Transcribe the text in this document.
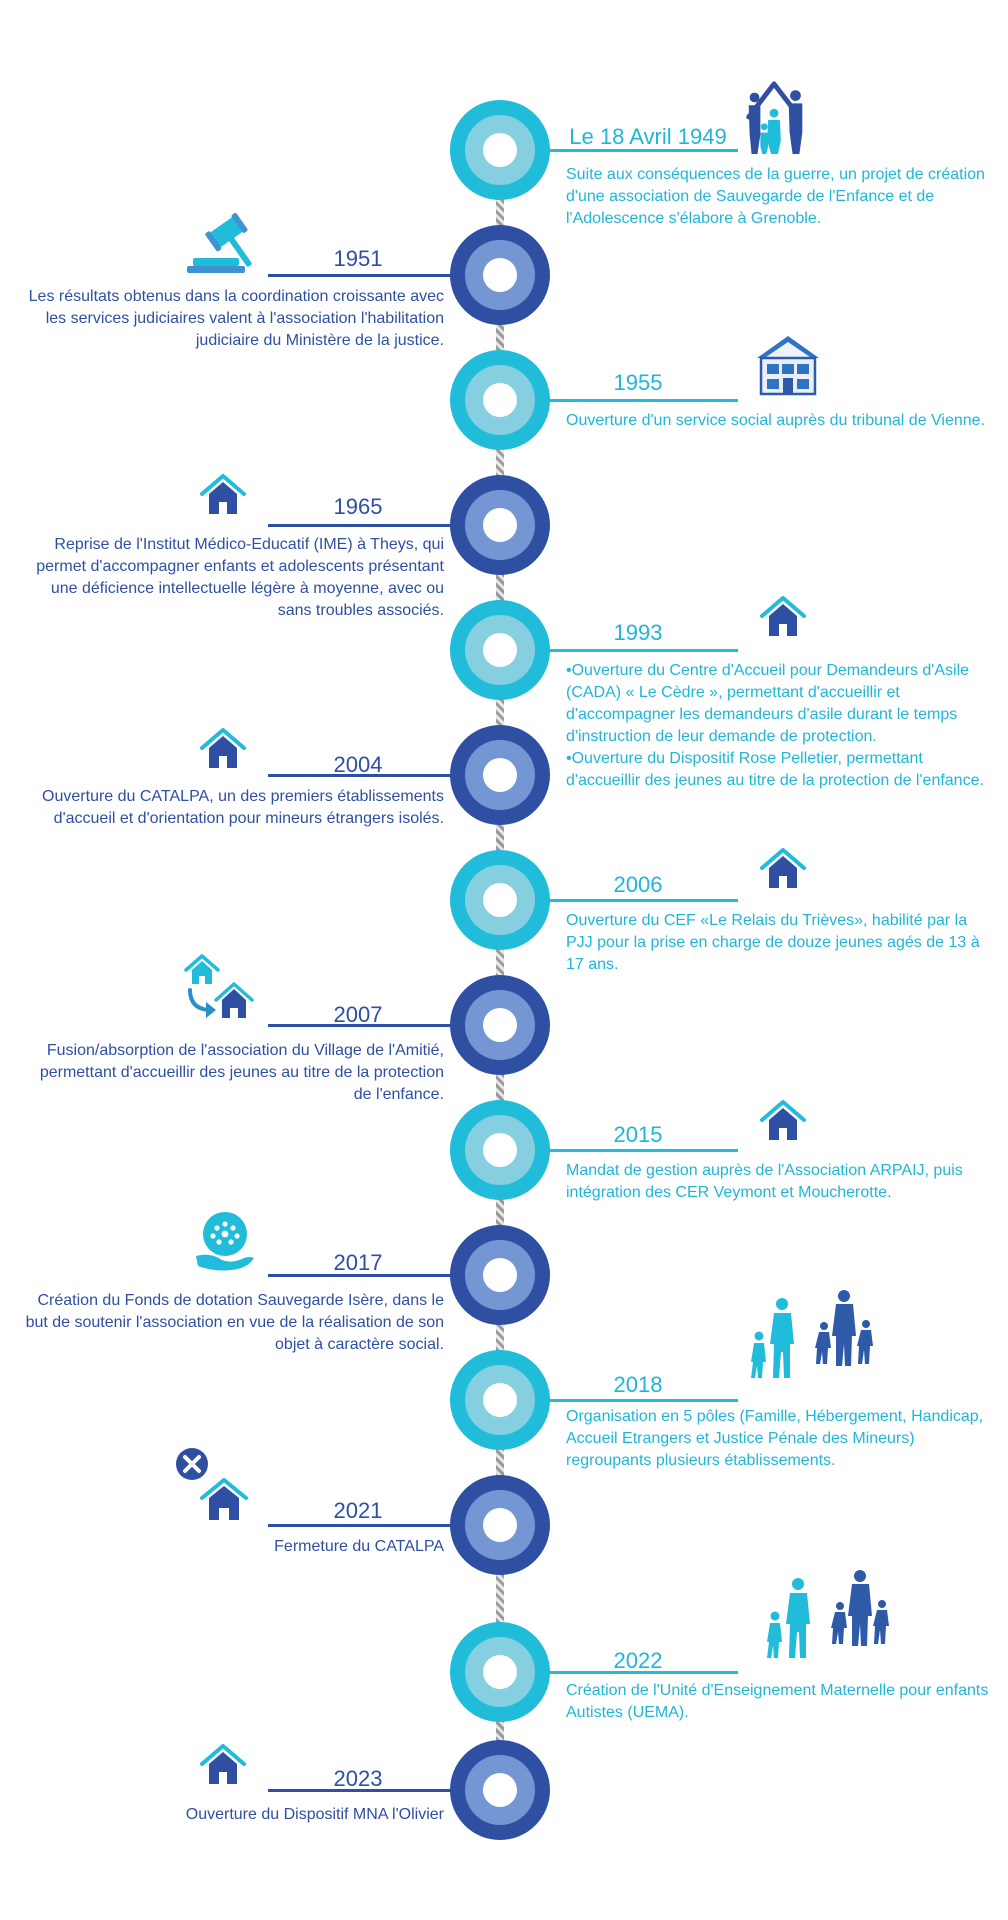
Le 18 Avril 1949

Suite aux conséquences de la guerre, un projet de création d'une association de Sauvegarde de l'Enfance et de l'Adolescence s'élabore à Grenoble.

1951

Les résultats obtenus dans la coordination croissante avec les services judiciaires valent à l'association l'habilitation judiciaire du Ministère de la justice.

1955

Ouverture d'un service social auprès du tribunal de Vienne.

1965

Reprise de l'Institut Médico-Educatif (IME) à Theys, qui permet d'accompagner enfants et adolescents présentant une déficience intellectuelle légère à moyenne, avec ou sans troubles associés.

1993

•Ouverture du Centre d'Accueil pour Demandeurs d'Asile (CADA) « Le Cèdre », permettant d'accueillir et d'accompagner les demandeurs d'asile durant le temps d'instruction de leur demande de protection.

•Ouverture du Dispositif Rose Pelletier, permettant d'accueillir des jeunes au titre de la protection de l'enfance.

2004

Ouverture du CATALPA, un des premiers établissements d'accueil et d'orientation pour mineurs étrangers isolés.

2006

Ouverture du CEF «Le Relais du Trièves», habilité par la PJJ pour la prise en charge de douze jeunes agés de 13 à 17 ans.

2007

Fusion/absorption de l'association du Village de l'Amitié, permettant d'accueillir des jeunes au titre de la protection de l'enfance.

2015

Mandat de gestion auprès de l'Association ARPAIJ, puis intégration des CER Veymont et Moucherotte.

2017

Création du Fonds de dotation Sauvegarde Isère, dans le but de soutenir l'association en vue de la réalisation de son objet à caractère social.

2018

Organisation en 5 pôles (Famille, Hébergement, Handicap, Accueil Etrangers et Justice Pénale des Mineurs) regroupants plusieurs établissements.

2021

Fermeture du CATALPA

2022

Création de l'Unité d'Enseignement Maternelle pour enfants Autistes (UEMA).

2023

Ouverture du Dispositif MNA l'Olivier
